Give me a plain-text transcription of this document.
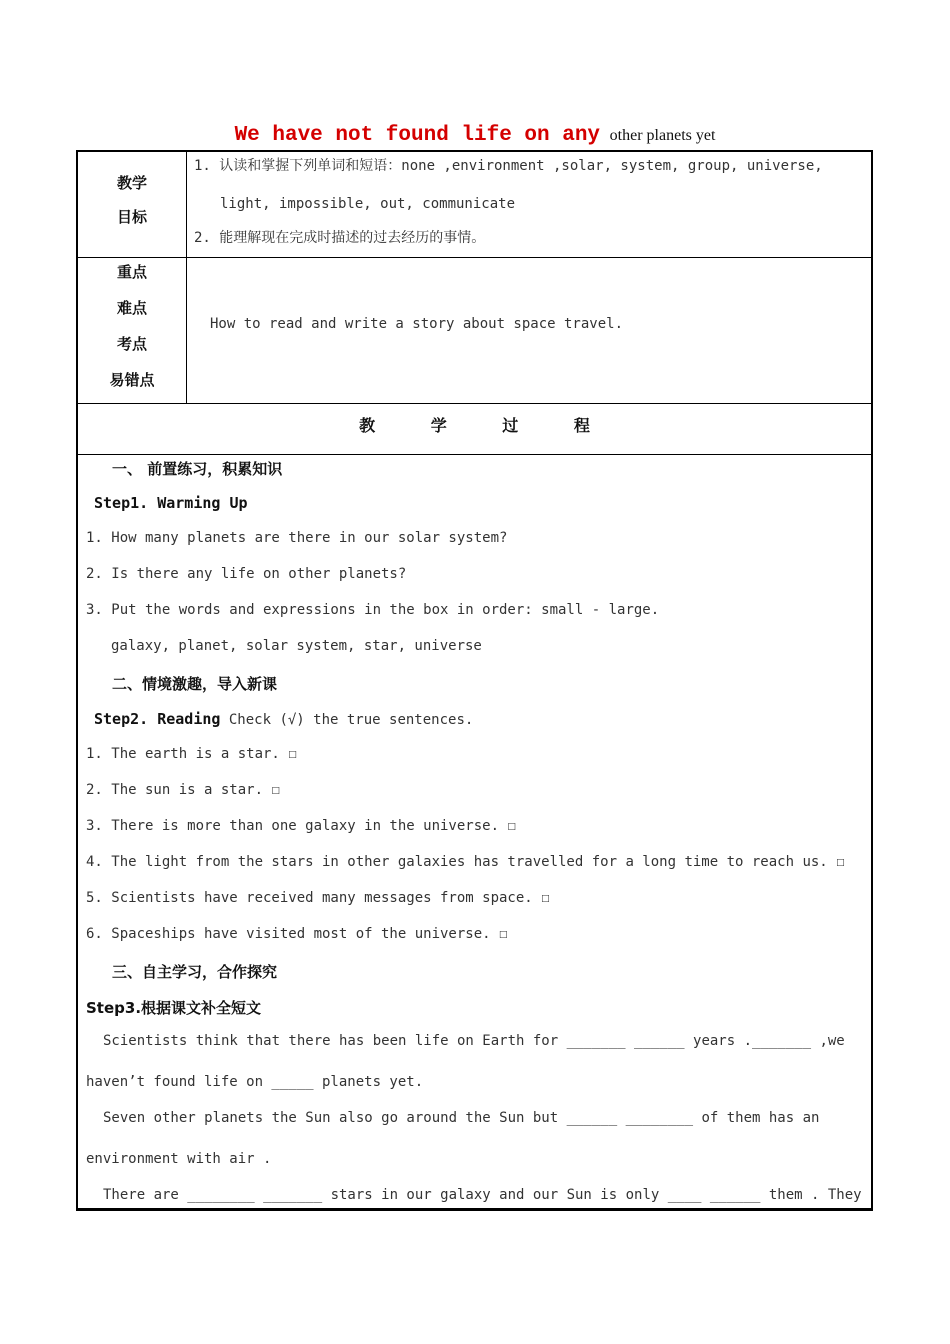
We have not found life on any other planets yet
教学
目标
1. 认读和掌握下列单词和短语：none ,environment ,solar, system, group, universe,
light, impossible, out, communicate
2. 能理解现在完成时描述的过去经历的事情。
重点
难点
考点
易错点
How to read and write a story about space travel.
教 学 过 程
一、 前置练习，积累知识
Step1. Warming Up
1. How many planets are there in our solar system?
2. Is there any life on other planets?
3. Put the words and expressions in the box in order: small - large.
galaxy, planet, solar system, star, universe
二、情境激趣，导入新课
Step2. Reading Check (√) the true sentences.
1. The earth is a star. ☐
2. The sun is a star. ☐
3. There is more than one galaxy in the universe. ☐
4. The light from the stars in other galaxies has travelled for a long time to reach us. ☐
5. Scientists have received many messages from space. ☐
6. Spaceships have visited most of the universe. ☐
三、自主学习，合作探究
Step3.根据课文补全短文
Scientists think that there has been life on Earth for _______ ______ years ._______ ,we
haven’t found life on _____ planets yet.
Seven other planets the Sun also go around the Sun but ______ ________ of them has an
environment with air .
There are ________ _______ stars in our galaxy and our Sun is only ____ ______ them . They
